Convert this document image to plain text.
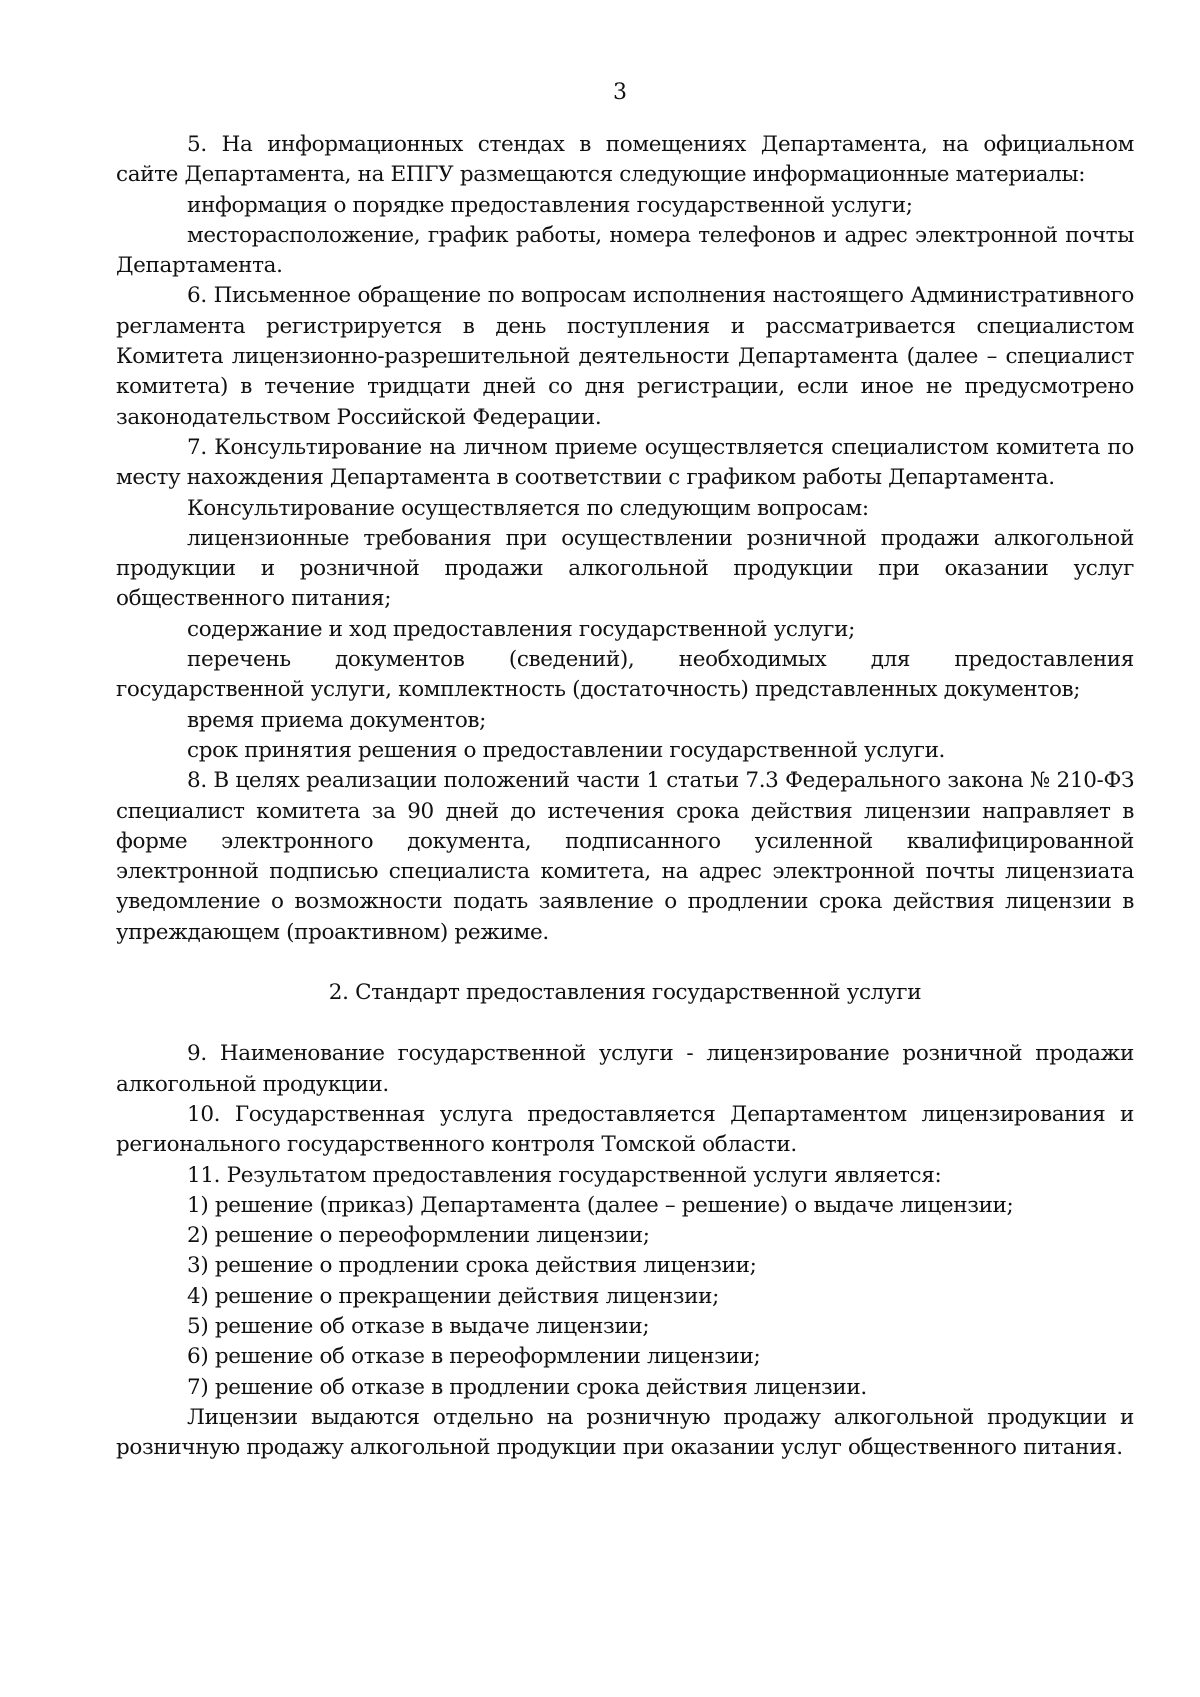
3

5. На информационных стендах в помещениях Департамента, на официальном сайте Департамента, на ЕПГУ размещаются следующие информационные материалы:

информация о порядке предоставления государственной услуги;

месторасположение, график работы, номера телефонов и адрес электронной почты Департамента.

6. Письменное обращение по вопросам исполнения настоящего Административного регламента регистрируется в день поступления и рассматривается специалистом Комитета лицензионно-разрешительной деятельности Департамента (далее – специалист комитета) в течение тридцати дней со дня регистрации, если иное не предусмотрено законодательством Российской Федерации.

7. Консультирование на личном приеме осуществляется специалистом комитета по месту нахождения Департамента в соответствии с графиком работы Департамента.

Консультирование осуществляется по следующим вопросам:

лицензионные требования при осуществлении розничной продажи алкогольной продукции и розничной продажи алкогольной продукции при оказании услуг общественного питания;

содержание и ход предоставления государственной услуги;

перечень документов (сведений), необходимых для предоставления государственной услуги, комплектность (достаточность) представленных документов;

время приема документов;

срок принятия решения о предоставлении государственной услуги.

8. В целях реализации положений части 1 статьи 7.3 Федерального закона № 210-ФЗ специалист комитета за 90 дней до истечения срока действия лицензии направляет в форме электронного документа, подписанного усиленной квалифицированной электронной подписью специалиста комитета, на адрес электронной почты лицензиата уведомление о возможности подать заявление о продлении срока действия лицензии в упреждающем (проактивном) режиме.

2. Стандарт предоставления государственной услуги

9. Наименование государственной услуги - лицензирование розничной продажи алкогольной продукции.

10. Государственная услуга предоставляется Департаментом лицензирования и регионального государственного контроля Томской области.

11. Результатом предоставления государственной услуги является:

1) решение (приказ) Департамента (далее – решение) о выдаче лицензии;

2) решение о переоформлении лицензии;

3) решение о продлении срока действия лицензии;

4) решение о прекращении действия лицензии;

5) решение об отказе в выдаче лицензии;

6) решение об отказе в переоформлении лицензии;

7) решение об отказе в продлении срока действия лицензии.

Лицензии выдаются отдельно на розничную продажу алкогольной продукции и розничную продажу алкогольной продукции при оказании услуг общественного питания.
